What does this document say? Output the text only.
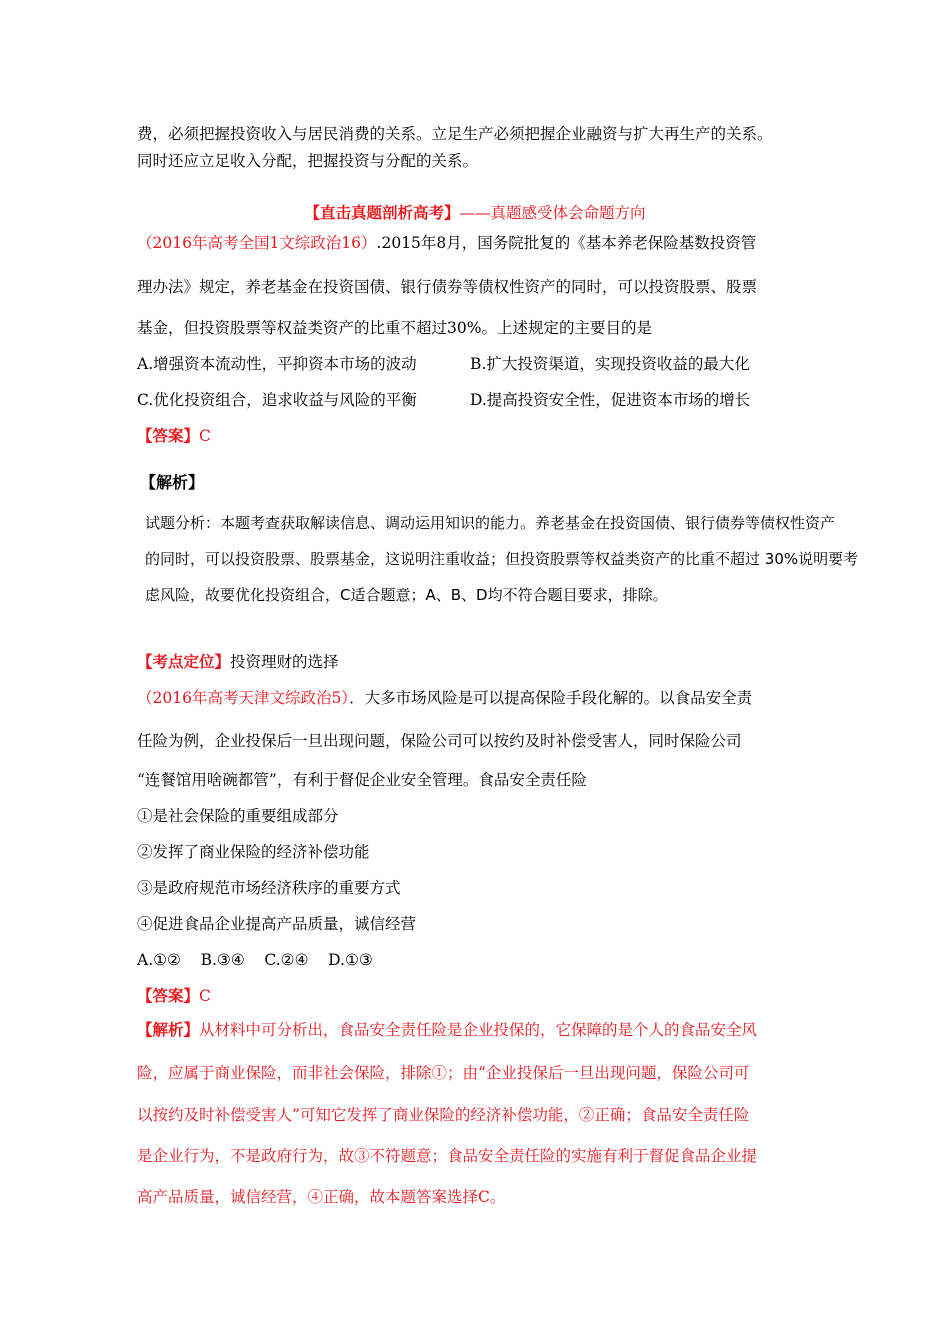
费，必须把握投资收入与居民消费的关系。立足生产必须把握企业融资与扩大再生产的关系。
同时还应立足收入分配，把握投资与分配的关系。
【直击真题剖析高考】——真题感受体会命题方向
（2016年高考全国1文综政治16）.2015年8月，国务院批复的《基本养老保险基数投资管
理办法》规定，养老基金在投资国债、银行债券等债权性资产的同时，可以投资股票、股票
基金，但投资股票等权益类资产的比重不超过30%。上述规定的主要目的是
A.增强资本流动性，平抑资本市场的波动	B.扩大投资渠道，实现投资收益的最大化
C.优化投资组合，追求收益与风险的平衡	D.提高投资安全性，促进资本市场的增长
【答案】C
【解析】
试题分析：本题考查获取解读信息、调动运用知识的能力。养老基金在投资国债、银行债券等债权性资产
的同时，可以投资股票、股票基金，这说明注重收益；但投资股票等权益类资产的比重不超过 30%说明要考
虑风险，故要优化投资组合，C适合题意；A、B、D均不符合题目要求，排除。
【考点定位】投资理财的选择
（2016年高考天津文综政治5）．大多市场风险是可以提高保险手段化解的。以食品安全责
任险为例，企业投保后一旦出现问题，保险公司可以按约及时补偿受害人，同时保险公司
“连餐馆用啥碗都管”，有利于督促企业安全管理。食品安全责任险
①是社会保险的重要组成部分
②发挥了商业保险的经济补偿功能
③是政府规范市场经济秩序的重要方式
④促进食品企业提高产品质量，诚信经营
A.①②    B.③④    C.②④    D.①③
【答案】C
【解析】从材料中可分析出，食品安全责任险是企业投保的，它保障的是个人的食品安全风
险，应属于商业保险，而非社会保险，排除①；由“企业投保后一旦出现问题，保险公司可
以按约及时补偿受害人”可知它发挥了商业保险的经济补偿功能，②正确；食品安全责任险
是企业行为，不是政府行为，故③不符题意；食品安全责任险的实施有利于督促食品企业提
高产品质量，诚信经营，④正确，故本题答案选择C。
